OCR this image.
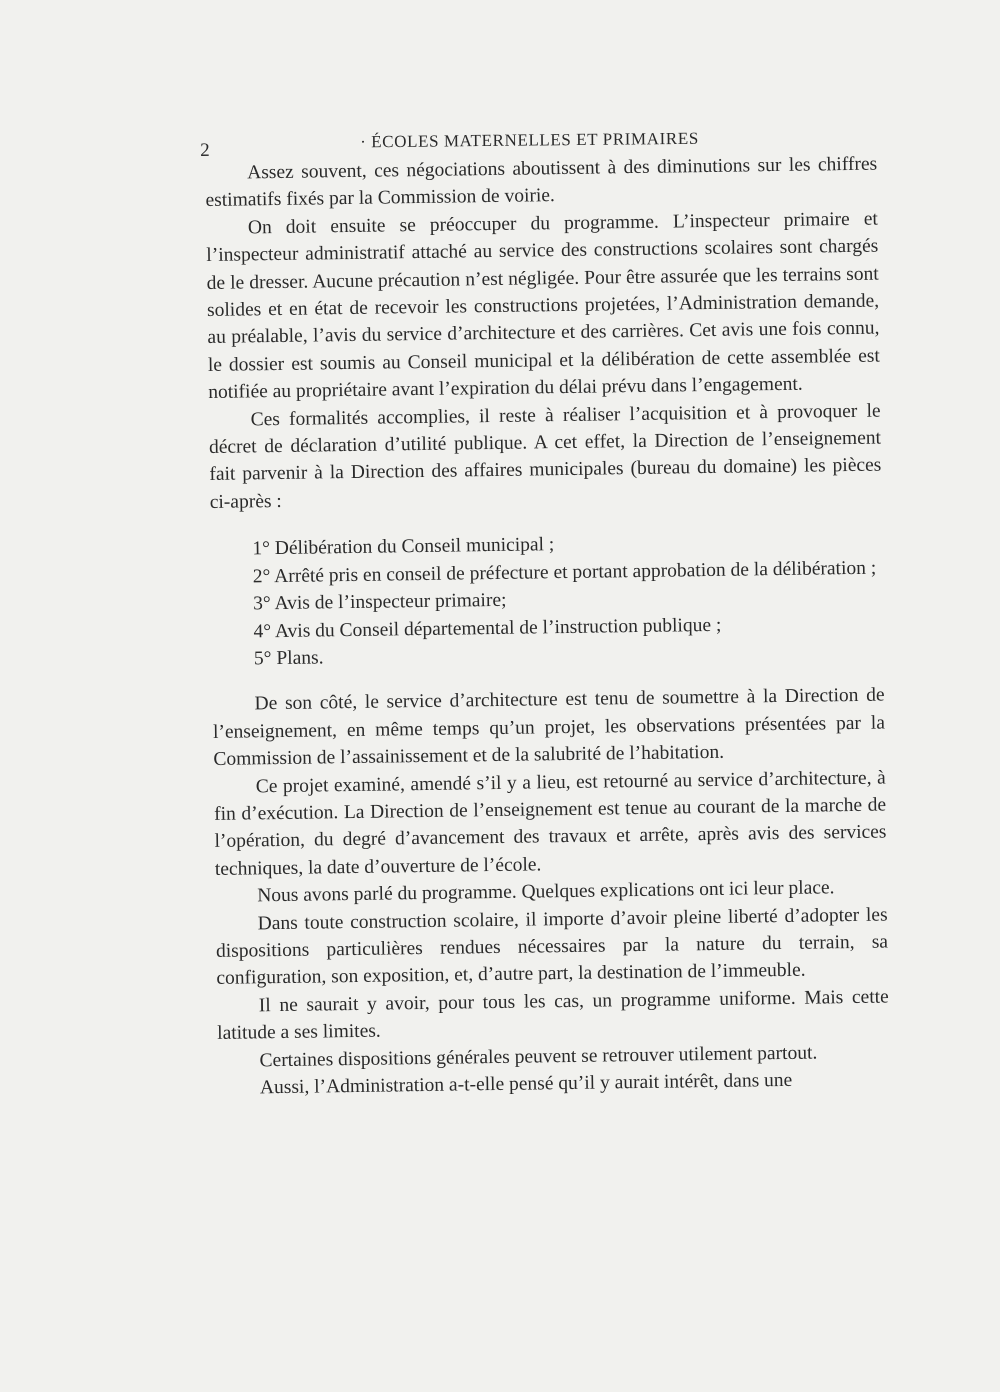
2	· ÉCOLES MATERNELLES ET PRIMAIRES

Assez souvent, ces négociations aboutissent à des diminutions sur les chiffres estimatifs fixés par la Commission de voirie.

On doit ensuite se préoccuper du programme. L’inspecteur primaire et l’inspecteur administratif attaché au service des constructions scolaires sont chargés de le dresser. Aucune précaution n’est négligée. Pour être assurée que les terrains sont solides et en état de recevoir les constructions projetées, l’Administration demande, au préalable, l’avis du service d’architecture et des carrières. Cet avis une fois connu, le dossier est soumis au Conseil municipal et la délibération de cette assemblée est notifiée au propriétaire avant l’expiration du délai prévu dans l’engagement.

Ces formalités accomplies, il reste à réaliser l’acquisition et à provoquer le décret de déclaration d’utilité publique. A cet effet, la Direction de l’enseignement fait parvenir à la Direction des affaires municipales (bureau du domaine) les pièces ci-après :

1° Délibération du Conseil municipal ;

2° Arrêté pris en conseil de préfecture et portant approbation de la délibération ;

3° Avis de l’inspecteur primaire;

4° Avis du Conseil départemental de l’instruction publique ;

5° Plans.

De son côté, le service d’architecture est tenu de soumettre à la Direction de l’enseignement, en même temps qu’un projet, les observations présentées par la Commission de l’assainissement et de la salubrité de l’habitation.

Ce projet examiné, amendé s’il y a lieu, est retourné au service d’architecture, à fin d’exécution. La Direction de l’enseignement est tenue au courant de la marche de l’opération, du degré d’avancement des travaux et arrête, après avis des services techniques, la date d’ouverture de l’école.

Nous avons parlé du programme. Quelques explications ont ici leur place.

Dans toute construction scolaire, il importe d’avoir pleine liberté d’adopter les dispositions particulières rendues nécessaires par la nature du terrain, sa configuration, son exposition, et, d’autre part, la destination de l’immeuble.

Il ne saurait y avoir, pour tous les cas, un programme uniforme. Mais cette latitude a ses limites.

Certaines dispositions générales peuvent se retrouver utilement partout.

Aussi, l’Administration a-t-elle pensé qu’il y aurait intérêt, dans une
